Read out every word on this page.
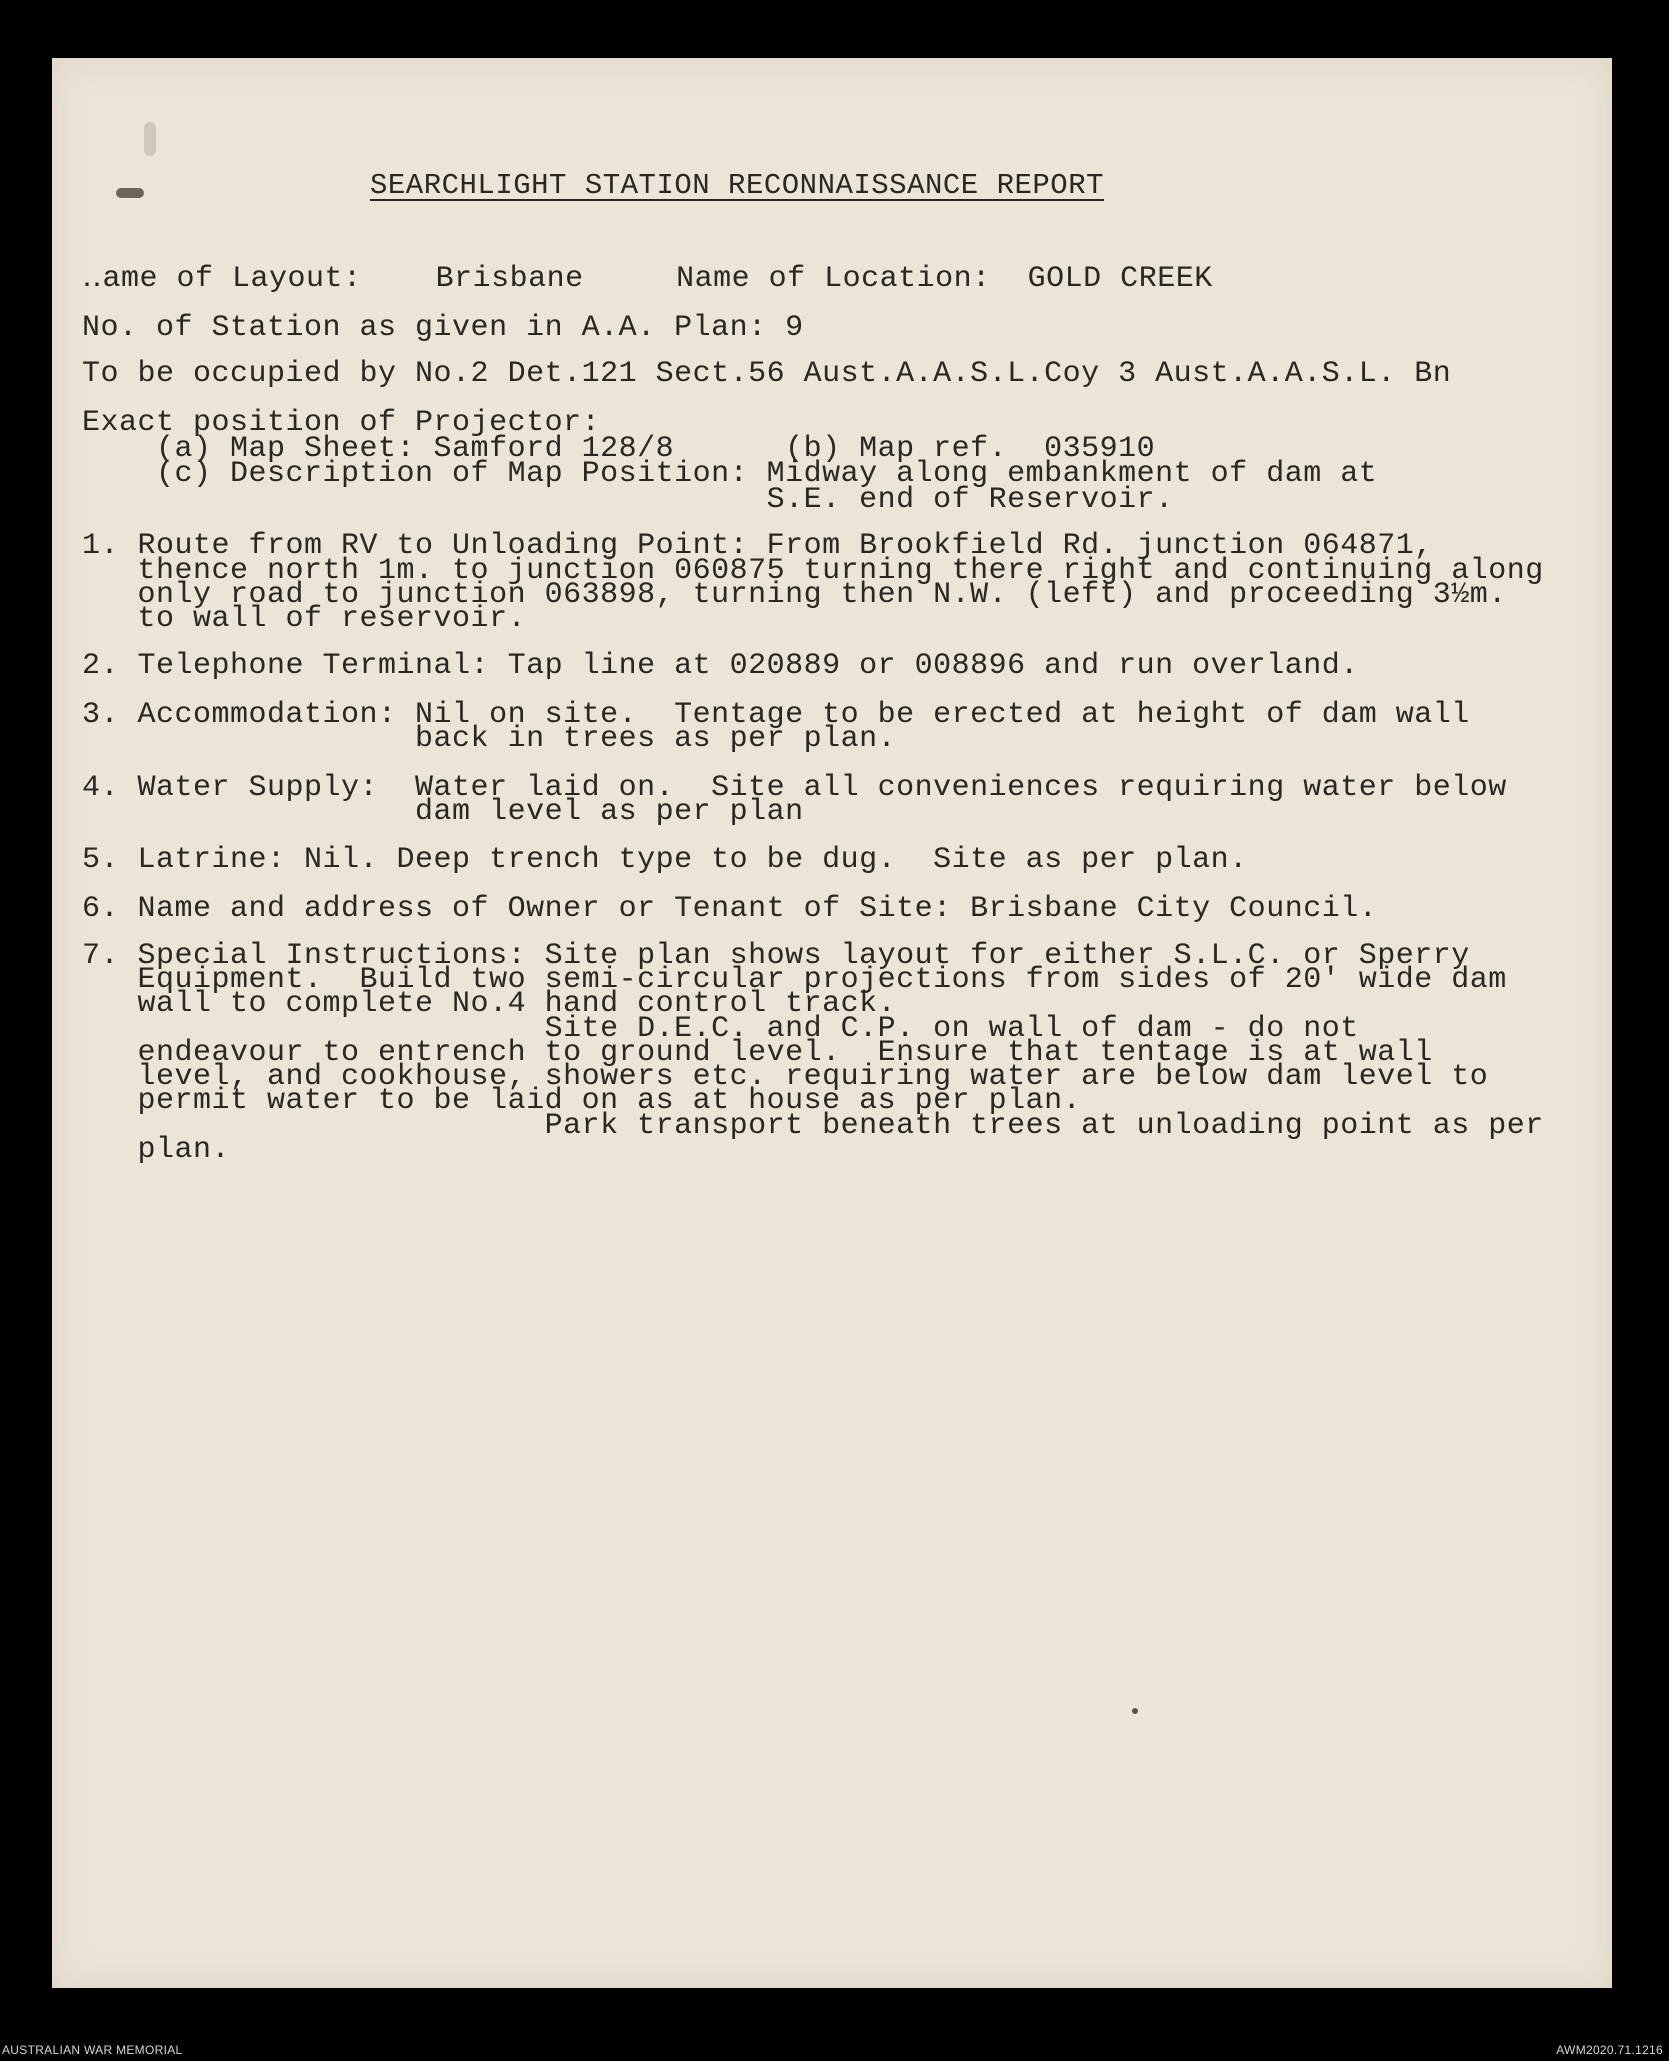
SEARCHLIGHT STATION RECONNAISSANCE REPORT
‥ame of Layout:    Brisbane     Name of Location:  GOLD CREEK
No. of Station as given in A.A. Plan: 9
To be occupied by No.2 Det.121 Sect.56 Aust.A.A.S.L.Coy 3 Aust.A.A.S.L. Bn
Exact position of Projector:
(a) Map Sheet: Samford 128/8      (b) Map ref.  035910
(c) Description of Map Position: Midway along embankment of dam at
S.E. end of Reservoir.
1. Route from RV to Unloading Point: From Brookfield Rd. junction 064871,
thence north 1m. to junction 060875 turning there right and continuing along
only road to junction 063898, turning then N.W. (left) and proceeding 3½m.
to wall of reservoir.
2. Telephone Terminal: Tap line at 020889 or 008896 and run overland.
3. Accommodation: Nil on site.  Tentage to be erected at height of dam wall
back in trees as per plan.
4. Water Supply:  Water laid on.  Site all conveniences requiring water below
dam level as per plan
5. Latrine: Nil. Deep trench type to be dug.  Site as per plan.
6. Name and address of Owner or Tenant of Site: Brisbane City Council.
7. Special Instructions: Site plan shows layout for either S.L.C. or Sperry
Equipment.  Build two semi-circular projections from sides of 20' wide dam
wall to complete No.4 hand control track.
Site D.E.C. and C.P. on wall of dam - do not
endeavour to entrench to ground level.  Ensure that tentage is at wall
level, and cookhouse, showers etc. requiring water are below dam level to
permit water to be laid on as at house as per plan.
Park transport beneath trees at unloading point as per
plan.
AUSTRALIAN WAR MEMORIAL	AWM2020.71.1216
